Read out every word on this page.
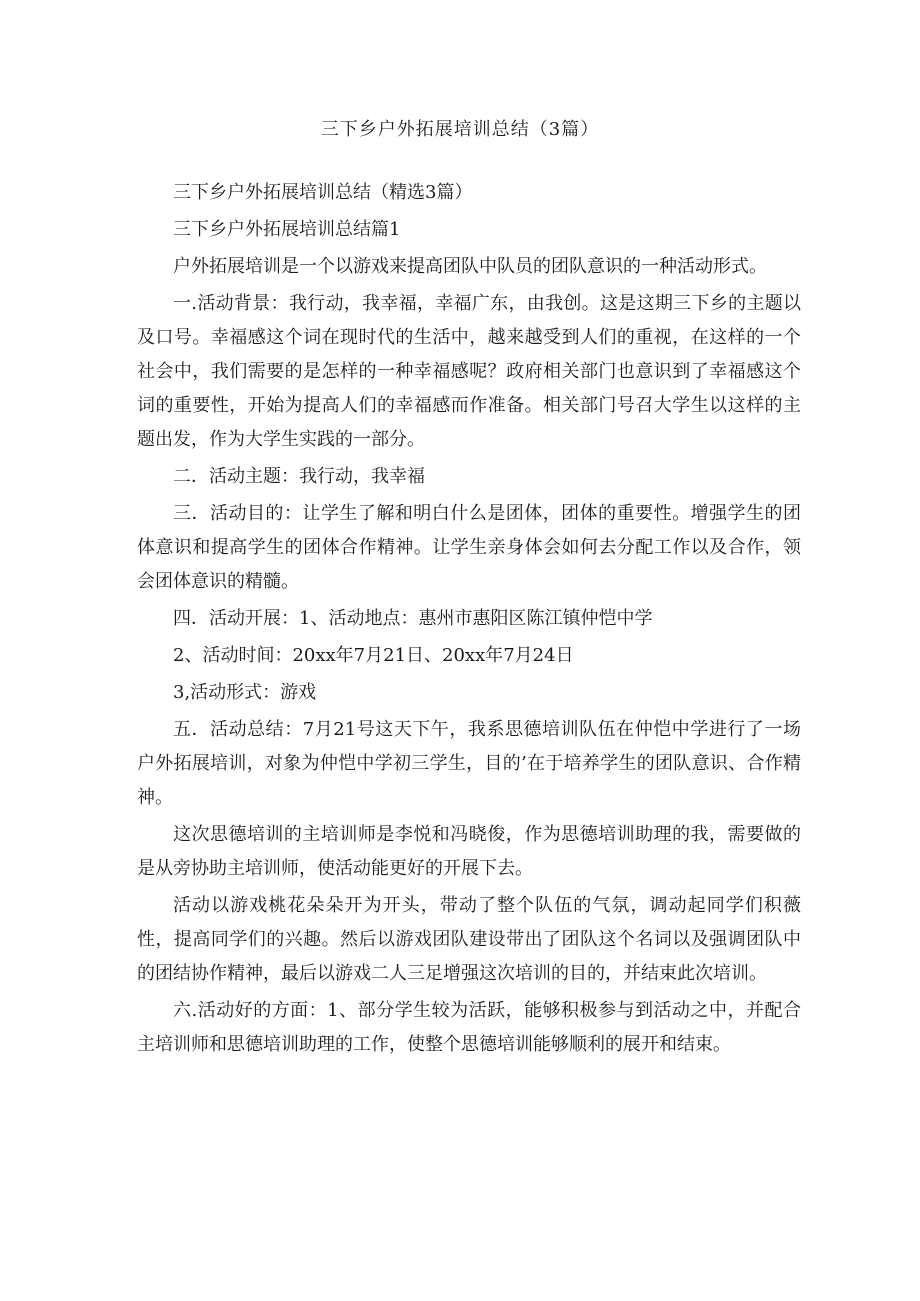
三下乡户外拓展培训总结（3篇）

三下乡户外拓展培训总结（精选3篇）

三下乡户外拓展培训总结篇1

户外拓展培训是一个以游戏来提高团队中队员的团队意识的一种活动形式。

一.活动背景：我行动，我幸福，幸福广东，由我创。这是这期三下乡的主题以及口号。幸福感这个词在现时代的生活中，越来越受到人们的重视，在这样的一个社会中，我们需要的是怎样的一种幸福感呢？政府相关部门也意识到了幸福感这个词的重要性，开始为提高人们的幸福感而作准备。相关部门号召大学生以这样的主题出发，作为大学生实践的一部分。

二．活动主题：我行动，我幸福

三．活动目的：让学生了解和明白什么是团体，团体的重要性。增强学生的团体意识和提高学生的团体合作精神。让学生亲身体会如何去分配工作以及合作，领会团体意识的精髓。

四．活动开展：1、活动地点：惠州市惠阳区陈江镇仲恺中学

2、活动时间：20xx年7月21日、20xx年7月24日

3,活动形式：游戏

五．活动总结：7月21号这天下午，我系思德培训队伍在仲恺中学进行了一场户外拓展培训，对象为仲恺中学初三学生，目的’在于培养学生的团队意识、合作精神。

这次思德培训的主培训师是李悦和冯晓俊，作为思德培训助理的我，需要做的是从旁协助主培训师，使活动能更好的开展下去。

活动以游戏桃花朵朵开为开头，带动了整个队伍的气氛，调动起同学们积薇性，提高同学们的兴趣。然后以游戏团队建设带出了团队这个名词以及强调团队中的团结协作精神，最后以游戏二人三足增强这次培训的目的，并结束此次培训。

六.活动好的方面：1、部分学生较为活跃，能够积极参与到活动之中，并配合主培训师和思德培训助理的工作，使整个思德培训能够顺利的展开和结束。
